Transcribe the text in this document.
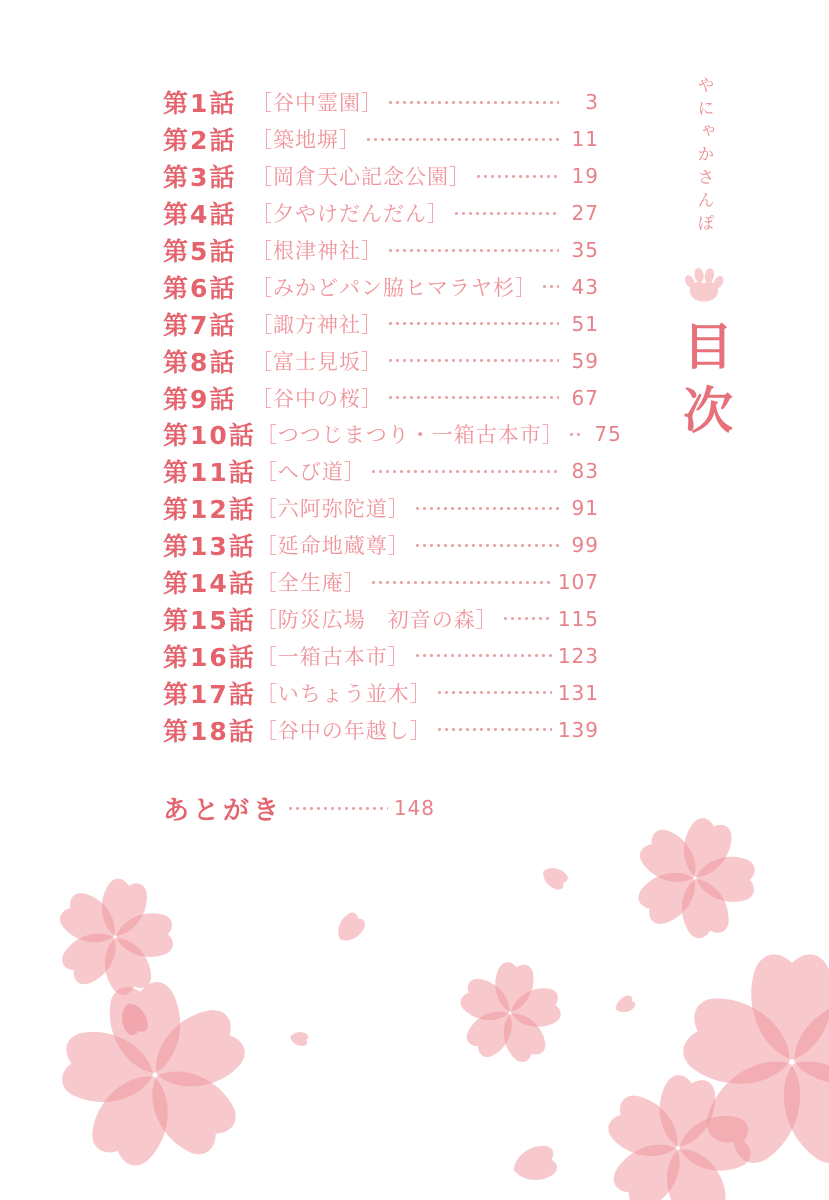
第1話 ［谷中霊園］	3
第2話 ［築地塀］	11
第3話 ［岡倉天心記念公園］	19
第4話 ［夕やけだんだん］	27
第5話 ［根津神社］	35
第6話 ［みかどパン脇ヒマラヤ杉］	43
第7話 ［諏方神社］	51
第8話 ［富士見坂］	59
第9話 ［谷中の桜］	67
第10話 ［つつじまつり・一箱古本市］	75
第11話 ［へび道］	83
第12話 ［六阿弥陀道］	91
第13話 ［延命地蔵尊］	99
第14話 ［全生庵］	107
第15話 ［防災広場　初音の森］	115
第16話 ［一箱古本市］	123
第17話 ［いちょう並木］	131
第18話 ［谷中の年越し］	139
あとがき	148
やにゃかさんぽ
目次
